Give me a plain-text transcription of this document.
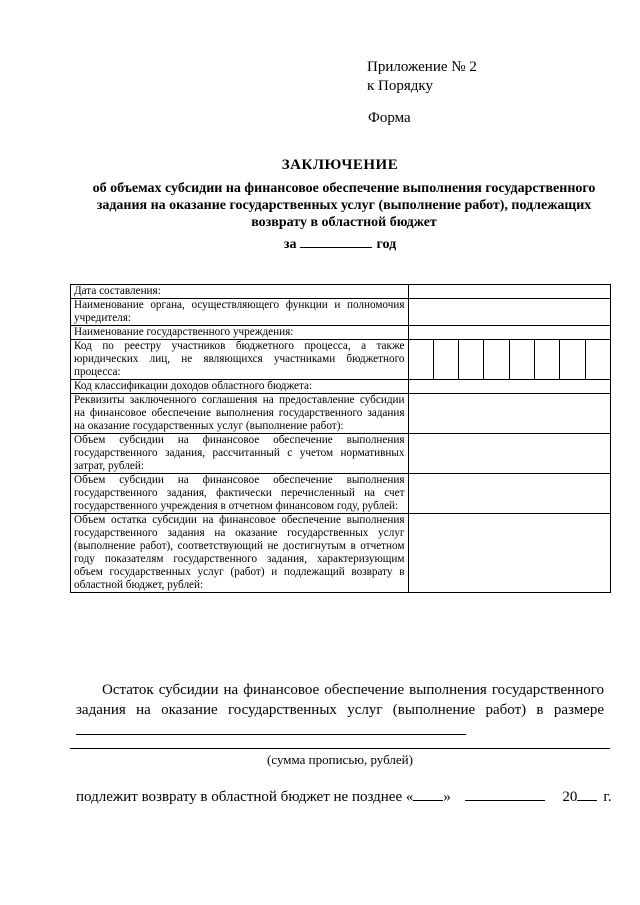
Приложение № 2
к Порядку
Форма
ЗАКЛЮЧЕНИЕ
об объемах субсидии на финансовое обеспечение выполнения государственного задания на оказание государственных услуг (выполнение работ), подлежащих возврату в областной бюджет
за	год
Дата составления:	
Наименование органа, осуществляющего функции и полномочия учредителя:	
Наименование государственного учреждения:	
Код по реестру участников бюджетного процесса, а также юридических лиц, не являющихся участниками бюджетного процесса:	

Код классификации доходов областного бюджета:	
Реквизиты заключенного соглашения на предоставление субсидии на финансовое обеспечение выполнения государственного задания на оказание государственных услуг (выполнение работ):	
Объем субсидии на финансовое обеспечение выполнения государственного задания, рассчитанный с учетом нормативных затрат, рублей:	
Объем субсидии на финансовое обеспечение выполнения государственного задания, фактически перечисленный на счет государственного учреждения в отчетном финансовом году, рублей:	
Объем остатка субсидии на финансовое обеспечение выполнения государственного задания на оказание государственных услуг (выполнение работ), соответствующий не достигнутым в отчетном году показателям государственного задания, характеризующим объем государственных услуг (работ) и подлежащий возврату в областной бюджет, рублей:	
Остаток субсидии на финансовое обеспечение выполнения государственного задания на оказание государственных услуг (выполнение работ) в размере
(сумма прописью, рублей)
подлежит возврату в областной бюджет не позднее « »	20 г.
